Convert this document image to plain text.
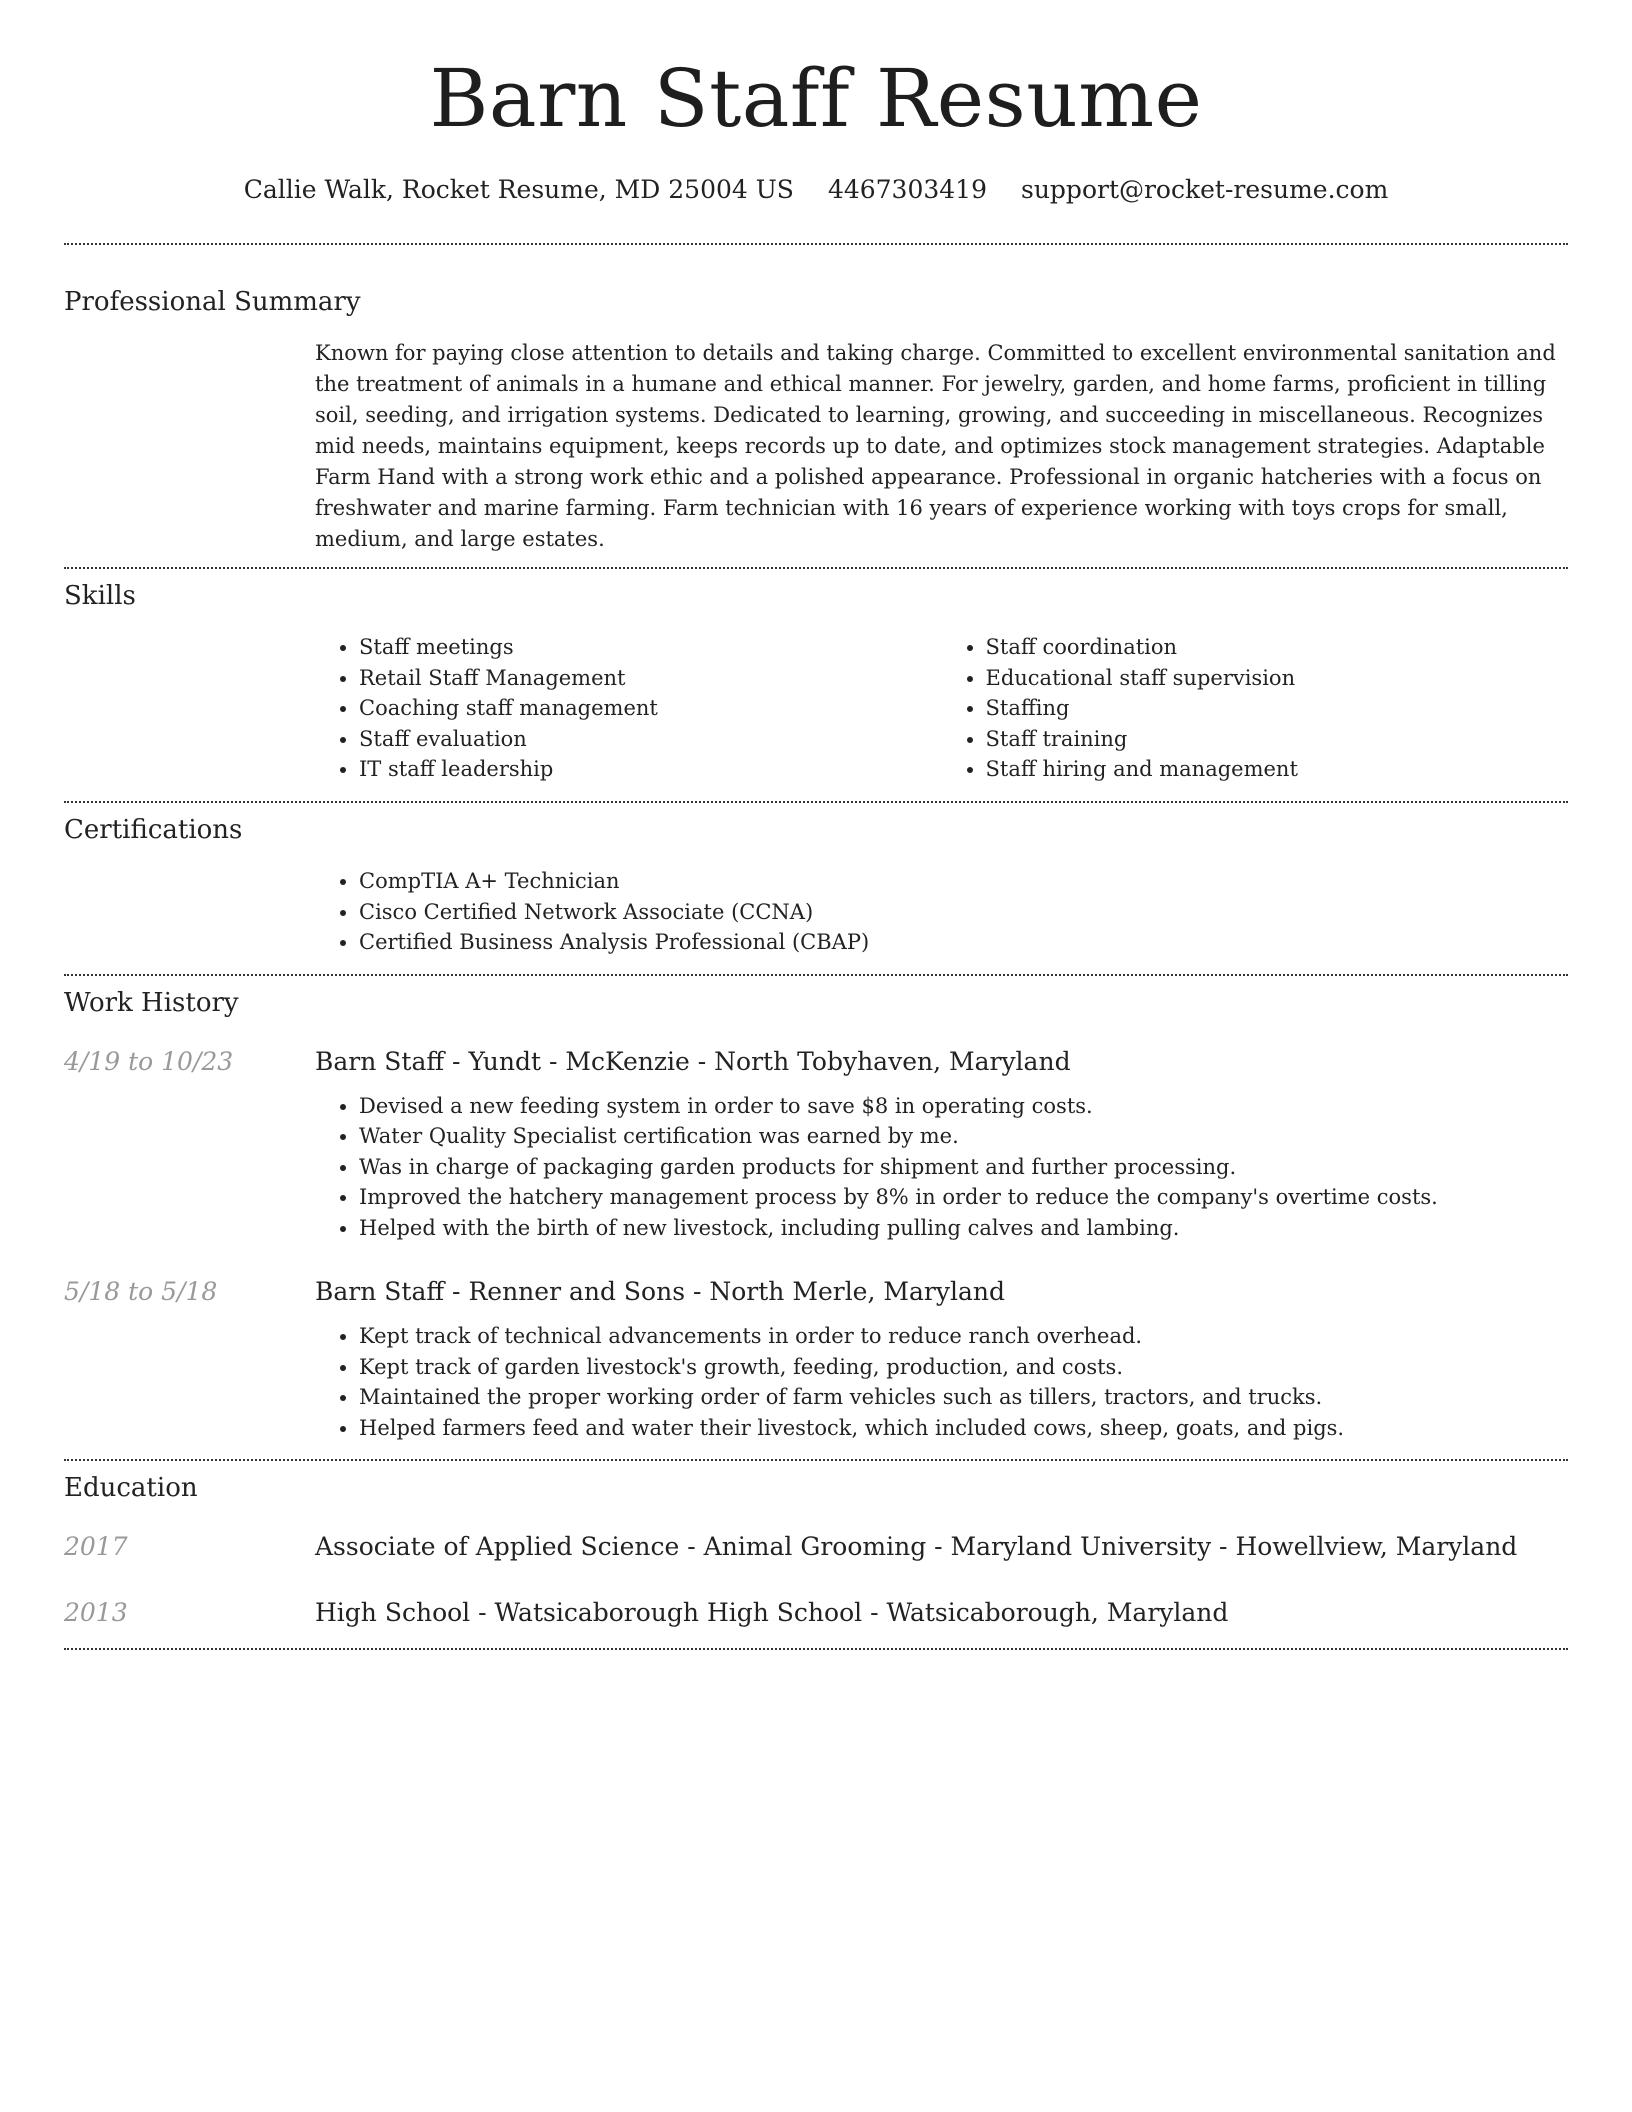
Barn Staff Resume
Callie Walk, Rocket Resume, MD 25004 US 4467303419 support@rocket-resume.com
Professional Summary

Known for paying close attention to details and taking charge. Committed to excellent environmental sanitation and the treatment of animals in a humane and ethical manner. For jewelry, garden, and home farms, proficient in tilling soil, seeding, and irrigation systems. Dedicated to learning, growing, and succeeding in miscellaneous. Recognizes mid needs, maintains equipment, keeps records up to date, and optimizes stock management strategies. Adaptable Farm Hand with a strong work ethic and a polished appearance. Professional in organic hatcheries with a focus on freshwater and marine farming. Farm technician with 16 years of experience working with toys crops for small, medium, and large estates.

Skills
• Staff meetings
• Retail Staff Management
• Coaching staff management
• Staff evaluation
• IT staff leadership
• Staff coordination
• Educational staff supervision
• Staffing
• Staff training
• Staff hiring and management
Certifications
• CompTIA A+ Technician
• Cisco Certified Network Associate (CCNA)
• Certified Business Analysis Professional (CBAP)
Work History
4/19 to 10/23	Barn Staff - Yundt - McKenzie - North Tobyhaven, Maryland
• Devised a new feeding system in order to save $8 in operating costs.
• Water Quality Specialist certification was earned by me.
• Was in charge of packaging garden products for shipment and further processing.
• Improved the hatchery management process by 8% in order to reduce the company's overtime costs.
• Helped with the birth of new livestock, including pulling calves and lambing.
5/18 to 5/18	Barn Staff - Renner and Sons - North Merle, Maryland
• Kept track of technical advancements in order to reduce ranch overhead.
• Kept track of garden livestock's growth, feeding, production, and costs.
• Maintained the proper working order of farm vehicles such as tillers, tractors, and trucks.
• Helped farmers feed and water their livestock, which included cows, sheep, goats, and pigs.
Education
2017	Associate of Applied Science - Animal Grooming - Maryland University - Howellview, Maryland
2013	High School - Watsicaborough High School - Watsicaborough, Maryland
